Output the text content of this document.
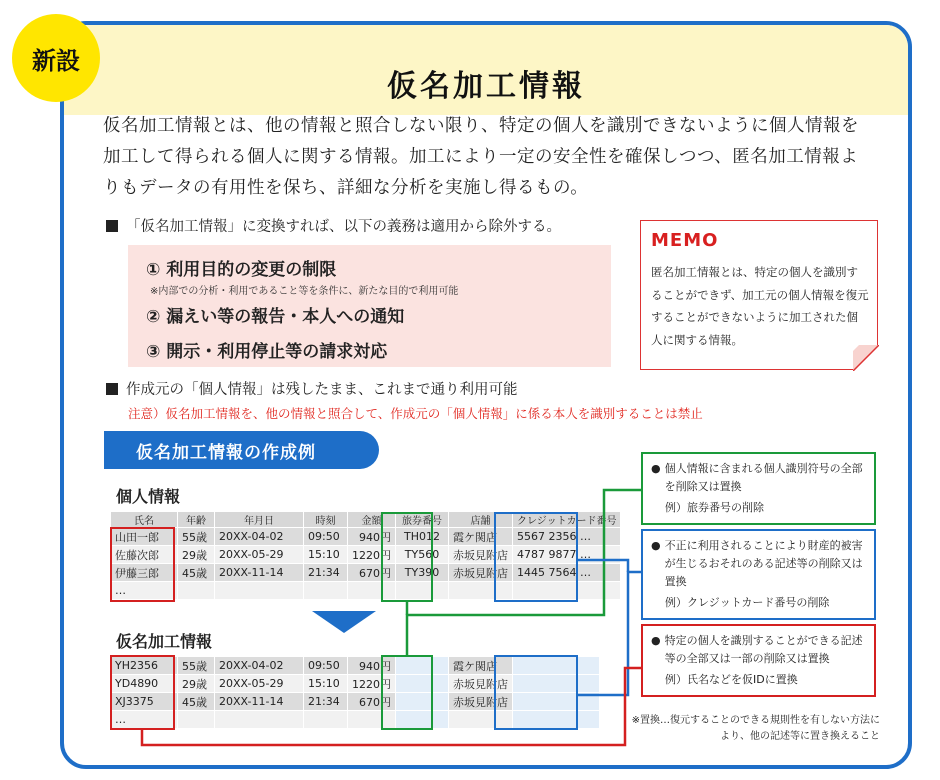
仮名加工情報
新設
仮名加工情報とは、他の情報と照合しない限り、特定の個人を識別できないように個人情報を加工して得られる個人に関する情報。加工により一定の安全性を確保しつつ、匿名加工情報よりもデータの有用性を保ち、詳細な分析を実施し得るもの。
「仮名加工情報」に変換すれば、以下の義務は適用から除外する。
① 利用目的の変更の制限
※内部での分析・利用であること等を条件に、新たな目的で利用可能
② 漏えい等の報告・本人への通知
③ 開示・利用停止等の請求対応
MEMO
匿名加工情報とは、特定の個人を識別することができず、加工元の個人情報を復元することができないように加工された個人に関する情報。
作成元の「個人情報」は残したまま、これまで通り利用可能
注意）仮名加工情報を、他の情報と照合して、作成元の「個人情報」に係る本人を識別することは禁止
仮名加工情報の作成例
個人情報
氏名	年齢	年月日	時刻	金額	旅券番号	店舗	クレジットカード番号
山田一郎	55歳	20XX-04-02	09:50	940円	TH012	霞ケ関店	5567 2356 …
佐藤次郎	29歳	20XX-05-29	15:10	1220円	TY560	赤坂見附店	4787 9877 …
伊藤三郎	45歳	20XX-11-14	21:34	670円	TY390	赤坂見附店	1445 7564 …
…							
仮名加工情報
YH2356	55歳	20XX-04-02	09:50	940円		霞ケ関店	
YD4890	29歳	20XX-05-29	15:10	1220円		赤坂見附店	
XJ3375	45歳	20XX-11-14	21:34	670円		赤坂見附店	
…							
● 個人情報に含まれる個人識別符号の全部を削除又は置換
例）旅券番号の削除
● 不正に利用されることにより財産的被害が生じるおそれのある記述等の削除又は置換
例）クレジットカード番号の削除
● 特定の個人を識別することができる記述等の全部又は一部の削除又は置換
例）氏名などを仮IDに置換
※置換…復元することのできる規則性を有しない方法により、他の記述等に置き換えること
